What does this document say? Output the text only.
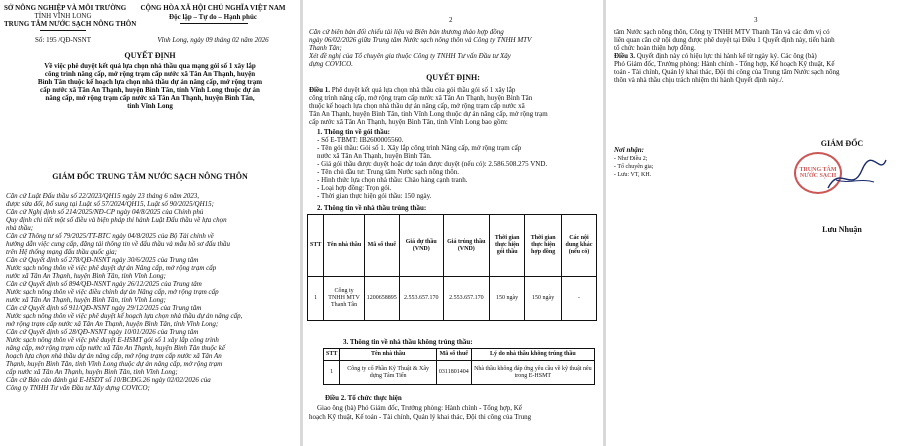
SỞ NÔNG NGHIỆP VÀ MÔI TRƯỜNG
TỈNH VĨNH LONG
TRUNG TÂM NƯỚC SẠCH NÔNG THÔN
CỘNG HÒA XÃ HỘI CHỦ NGHĨA VIỆT NAM
Độc lập – Tự do – Hạnh phúc
Số: 195 /QĐ-NSNT	Vĩnh Long, ngày 09 tháng 02 năm 2026
QUYẾT ĐỊNH
Về việc phê duyệt kết quả lựa chọn nhà thầu qua mạng gói số 1 xây lắp
công trình nâng cấp, mở rộng trạm cấp nước xã Tân An Thạnh, huyện
Bình Tân thuộc kế hoạch lựa chọn nhà thầu dự án nâng cấp, mở rộng trạm
cấp nước xã Tân An Thạnh, huyện Bình Tân, tỉnh Vĩnh Long thuộc dự án
nâng cấp, mở rộng trạm cấp nước xã Tân An Thạnh, huyện Bình Tân,
tỉnh Vĩnh Long
GIÁM ĐỐC TRUNG TÂM NƯỚC SẠCH NÔNG THÔN
Căn cứ Luật Đấu thầu số 22/2023/QH15 ngày 23 tháng 6 năm 2023,
được sửa đổi, bổ sung tại Luật số 57/2024/QH15, Luật số 90/2025/QH15;
Căn cứ Nghị định số 214/2025/NĐ-CP ngày 04/8/2025 của Chính phủ
Quy định chi tiết một số điều và biện pháp thi hành Luật Đấu thầu về lựa chọn
nhà thầu;
Căn cứ Thông tư số 79/2025/TT-BTC ngày 04/8/2025 của Bộ Tài chính về
hướng dẫn việc cung cấp, đăng tải thông tin về đấu thầu và mẫu hồ sơ đấu thầu
trên Hệ thống mạng đấu thầu quốc gia;
Căn cứ Quyết định số 278/QĐ-NSNT ngày 30/6/2025 của Trung tâm
Nước sạch nông thôn về việc phê duyệt dự án Nâng cấp, mở rộng trạm cấp
nước xã Tân An Thạnh, huyện Bình Tân, tỉnh Vĩnh Long;
Căn cứ Quyết định số 894/QĐ-NSNT ngày 26/12/2025 của Trung tâm
Nước sạch nông thôn về việc điều chỉnh dự án Nâng cấp, mở rộng trạm cấp
nước xã Tân An Thạnh, huyện Bình Tân, tỉnh Vĩnh Long;
Căn cứ Quyết định số 911/QĐ-NSNT ngày 29/12/2025 của Trung tâm
Nước sạch nông thôn về việc phê duyệt kế hoạch lựa chọn nhà thầu dự án nâng cấp,
mở rộng trạm cấp nước xã Tân An Thạnh, huyện Bình Tân, tỉnh Vĩnh Long;
Căn cứ Quyết định số 28/QĐ-NSNT ngày 10/01/2026 của Trung tâm
Nước sạch nông thôn về việc phê duyệt E-HSMT gói số 1 xây lắp công trình
nâng cấp, mở rộng trạm cấp nước xã Tân An Thạnh, huyện Bình Tân thuộc kế
hoạch lựa chọn nhà thầu dự án nâng cấp, mở rộng trạm cấp nước xã Tân An
Thạnh, huyện Bình Tân, tỉnh Vĩnh Long thuộc dự án nâng cấp, mở rộng trạm
cấp nước xã Tân An Thạnh, huyện Bình Tân, tỉnh Vĩnh Long;
Căn cứ Báo cáo đánh giá E-HSDT số 10/BCĐG.26 ngày 02/02/2026 của
Công ty TNHH Tư vấn Đầu tư Xây dựng COVICO;
2
Căn cứ biên bản đối chiếu tài liệu và Biên bản thương thảo hợp đồng
ngày 06/02/2026 giữa Trung tâm Nước sạch nông thôn và Công ty TNHH MTV
Thanh Tân;
Xét đề nghị của Tổ chuyên gia thuộc Công ty TNHH Tư vấn Đầu tư Xây
dựng COVICO.
QUYẾT ĐỊNH:
Điều 1. Phê duyệt kết quả lựa chọn nhà thầu của gói thầu gói số 1 xây lắp
công trình nâng cấp, mở rộng trạm cấp nước xã Tân An Thạnh, huyện Bình Tân
thuộc kế hoạch lựa chọn nhà thầu dự án nâng cấp, mở rộng trạm cấp nước xã
Tân An Thạnh, huyện Bình Tân, tỉnh Vĩnh Long thuộc dự án nâng cấp, mở rộng trạm
cấp nước xã Tân An Thạnh, huyện Bình Tân, tỉnh Vĩnh Long bao gồm:
1. Thông tin về gói thầu:
- Số E-TBMT: IB2600005560.
- Tên gói thầu: Gói số 1. Xây lắp công trình Nâng cấp, mở rộng trạm cấp
nước xã Tân An Thạnh, huyện Bình Tân.
- Giá gói thầu được duyệt hoặc dự toán được duyệt (nếu có): 2.586.508.275 VND.
- Tên chủ đầu tư: Trung tâm Nước sạch nông thôn.
- Hình thức lựa chọn nhà thầu: Chào hàng cạnh tranh.
- Loại hợp đồng: Trọn gói.
- Thời gian thực hiện gói thầu: 150 ngày.
2. Thông tin về nhà thầu trúng thầu:
STT	Tên nhà thầu	Mã số thuế	Giá dự thầu (VND)	Giá trúng thầu (VND)	Thời gian thực hiện gói thầu	Thời gian thực hiện hợp đồng	Các nội dung khác (nếu có)
1	Công ty TNHH MTV Thanh Tân	1200658895	2.553.657.170	2.553.657.170	150 ngày	150 ngày	-
3. Thông tin về nhà thầu không trúng thầu:
STT	Tên nhà thầu	Mã số thuế	Lý do nhà thầu không trúng thầu
1	Công ty cổ Phần Kỹ Thuật & Xây dựng Tâm Tiến	0311801404	Nhà thầu không đáp ứng yêu cầu về kỹ thuật nêu trong E-HSMT
Điều 2. Tổ chức thực hiện
Giao ông (bà) Phó Giám đốc, Trưởng phòng: Hành chính - Tổng hợp, Kế
hoạch Kỹ thuật, Kế toán - Tài chính, Quản lý khai thác, Đội thi công của Trung
3
tâm Nước sạch nông thôn, Công ty TNHH MTV Thanh Tân và các đơn vị có
liên quan căn cứ nội dung được phê duyệt tại Điều 1 Quyết định này, tiến hành
tổ chức hoàn thiện hợp đồng.
Điều 3. Quyết định này có hiệu lực thi hành kể từ ngày ký. Các ông (bà)
Phó Giám đốc, Trưởng phòng: Hành chính - Tổng hợp, Kế hoạch Kỹ thuật, Kế
toán - Tài chính, Quản lý khai thác, Đội thi công của Trung tâm Nước sạch nông
thôn và nhà thầu chịu trách nhiệm thi hành Quyết định này./.
Nơi nhận:
- Như Điều 2;
- Tổ chuyên gia;
- Lưu: VT, KH.
GIÁM ĐỐC
TRUNG TÂM NƯỚC SẠCH
Lưu Nhuận
